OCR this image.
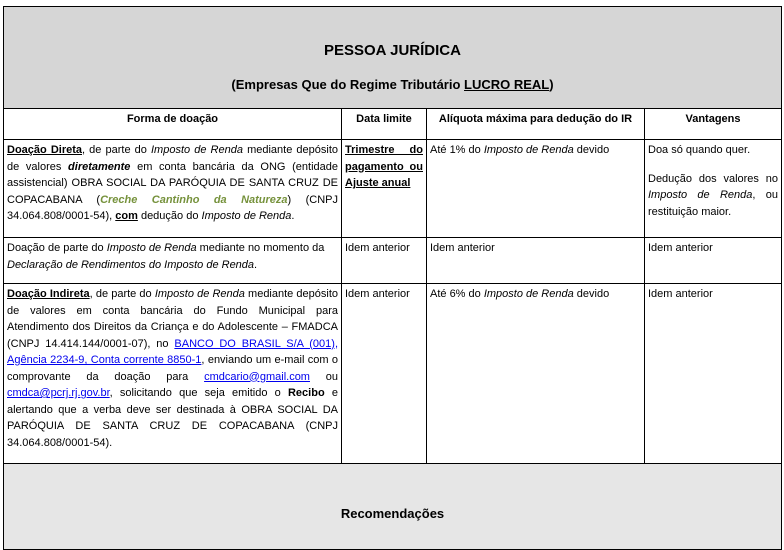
PESSOA JURÍDICA
(Empresas Que do Regime Tributário LUCRO REAL)			

Forma de doação	Data limite	Alíquota máxima para dedução do IR	Vantagens
Doação Direta, de parte do Imposto de Renda mediante depósito de valores diretamente em conta bancária da ONG (entidade assistencial) OBRA SOCIAL DA PARÓQUIA DE SANTA CRUZ DE COPACABANA (Creche Cantinho da Natureza) (CNPJ 34.064.808/0001-54), com dedução do Imposto de Renda.	Trimestre do pagamento ou Ajuste anual	Até 1% do Imposto de Renda devido	Doa só quando quer.
Dedução dos valores no Imposto de Renda, ou restituição maior.
Doação de parte do Imposto de Renda mediante no momento da Declaração de Rendimentos do Imposto de Renda.	Idem anterior	Idem anterior	Idem anterior
Doação Indireta, de parte do Imposto de Renda mediante depósito de valores em conta bancária do Fundo Municipal para Atendimento dos Direitos da Criança e do Adolescente – FMADCA (CNPJ 14.414.144/0001-07), no BANCO DO BRASIL S/A (001), Agência 2234-9, Conta corrente 8850-1, enviando um e-mail com o comprovante da doação para cmdcario@gmail.com ou cmdca@pcrj.rj.gov.br, solicitando que seja emitido o Recibo e alertando que a verba deve ser destinada à OBRA SOCIAL DA PARÓQUIA DE SANTA CRUZ DE COPACABANA (CNPJ 34.064.808/0001-54).	Idem anterior	Até 6% do Imposto de Renda devido	Idem anterior

Recomendações			
